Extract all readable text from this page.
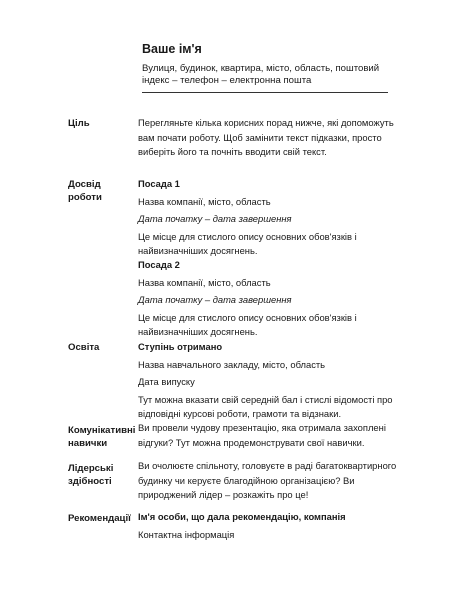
Ваше ім'я

Вулиця, будинок, квартира, місто, область, поштовий індекс – телефон – електронна пошта

Ціль	Перегляньте кілька корисних порад нижче, які допоможуть вам почати роботу. Щоб замінити текст підказки, просто виберіть його та почніть вводити свій текст.

Досвід роботи

Посада 1

Назва компанії, місто, область

Дата початку – дата завершення

Це місце для стислого опису основних обов'язків і найвизначніших досягнень.

Посада 2

Назва компанії, місто, область

Дата початку – дата завершення

Це місце для стислого опису основних обов'язків і найвизначніших досягнень.

Освіта	Ступінь отримано

Назва навчального закладу, місто, область

Дата випуску

Тут можна вказати свій середній бал і стислі відомості про відповідні курсові роботи, грамоти та відзнаки.

Комунікативні навички

Ви провели чудову презентацію, яка отримала захоплені відгуки? Тут можна продемонструвати свої навички.

Лідерські здібності

Ви очолюєте спільноту, головуєте в раді багатоквартирного будинку чи керуєте благодійною організацією? Ви природжений лідер – розкажіть про це!

Рекомендації Ім'я особи, що дала рекомендацію, компанія

Контактна інформація
